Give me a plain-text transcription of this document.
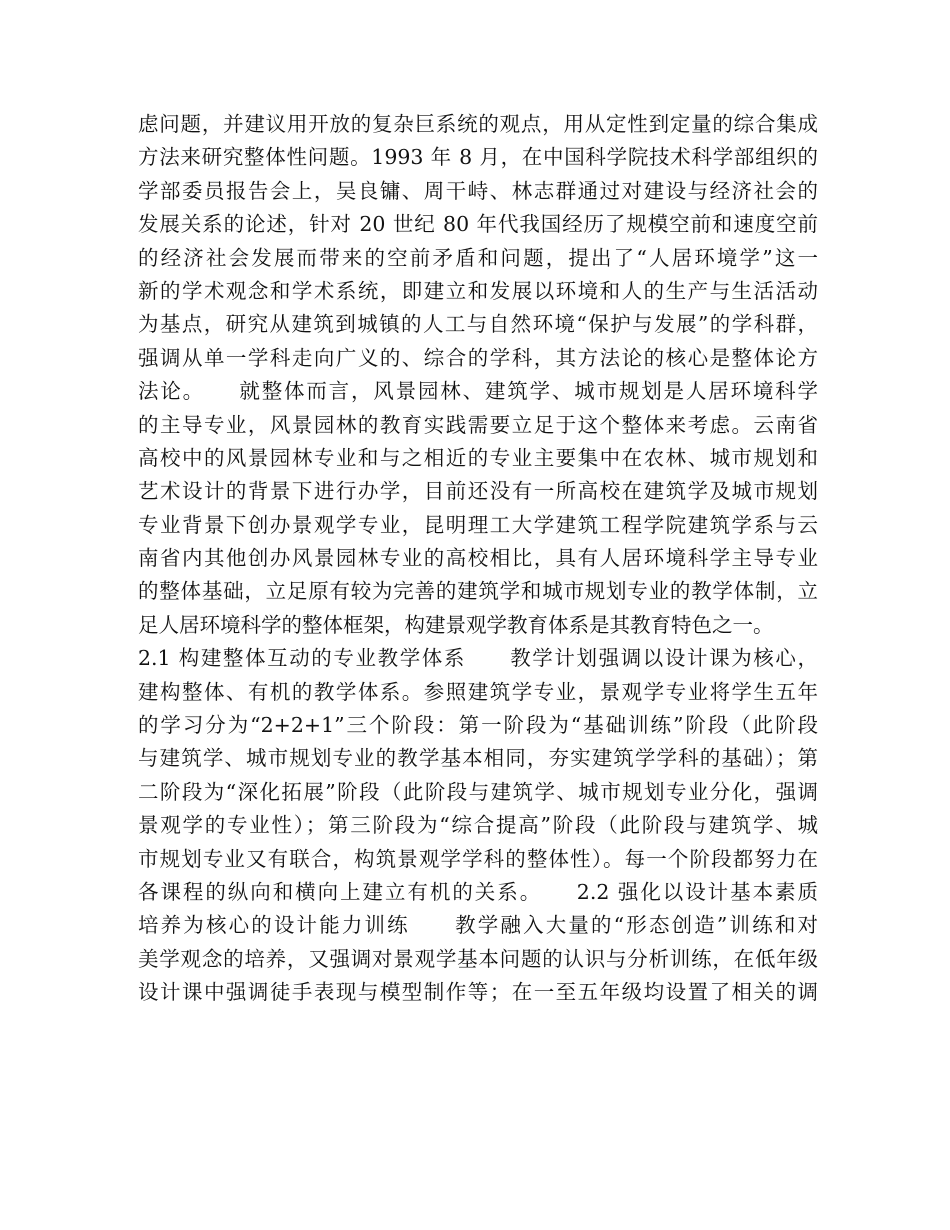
虑问题，并建议用开放的复杂巨系统的观点，用从定性到定量的综合集成
方法来研究整体性问题。1993 年 8 月，在中国科学院技术科学部组织的
学部委员报告会上，吴良镛、周干峙、林志群通过对建设与经济社会的
发展关系的论述，针对 20 世纪 80 年代我国经历了规模空前和速度空前
的经济社会发展而带来的空前矛盾和问题，提出了“人居环境学”这一
新的学术观念和学术系统，即建立和发展以环境和人的生产与生活活动
为基点，研究从建筑到城镇的人工与自然环境“保护与发展”的学科群，
强调从单一学科走向广义的、综合的学科，其方法论的核心是整体论方
法论。　　就整体而言，风景园林、建筑学、城市规划是人居环境科学
的主导专业，风景园林的教育实践需要立足于这个整体来考虑。云南省
高校中的风景园林专业和与之相近的专业主要集中在农林、城市规划和
艺术设计的背景下进行办学，目前还没有一所高校在建筑学及城市规划
专业背景下创办景观学专业，昆明理工大学建筑工程学院建筑学系与云
南省内其他创办风景园林专业的高校相比，具有人居环境科学主导专业
的整体基础，立足原有较为完善的建筑学和城市规划专业的教学体制，立
足人居环境科学的整体框架，构建景观学教育体系是其教育特色之一。
2.1 构建整体互动的专业教学体系　　教学计划强调以设计课为核心，
建构整体、有机的教学体系。参照建筑学专业，景观学专业将学生五年
的学习分为“2+2+1”三个阶段：第一阶段为“基础训练”阶段（此阶段
与建筑学、城市规划专业的教学基本相同，夯实建筑学学科的基础）；第
二阶段为“深化拓展”阶段（此阶段与建筑学、城市规划专业分化，强调
景观学的专业性）；第三阶段为“综合提高”阶段（此阶段与建筑学、城
市规划专业又有联合，构筑景观学学科的整体性）。每一个阶段都努力在
各课程的纵向和横向上建立有机的关系。　　2.2 强化以设计基本素质
培养为核心的设计能力训练　　教学融入大量的“形态创造”训练和对
美学观念的培养，又强调对景观学基本问题的认识与分析训练，在低年级
设计课中强调徒手表现与模型制作等；在一至五年级均设置了相关的调
